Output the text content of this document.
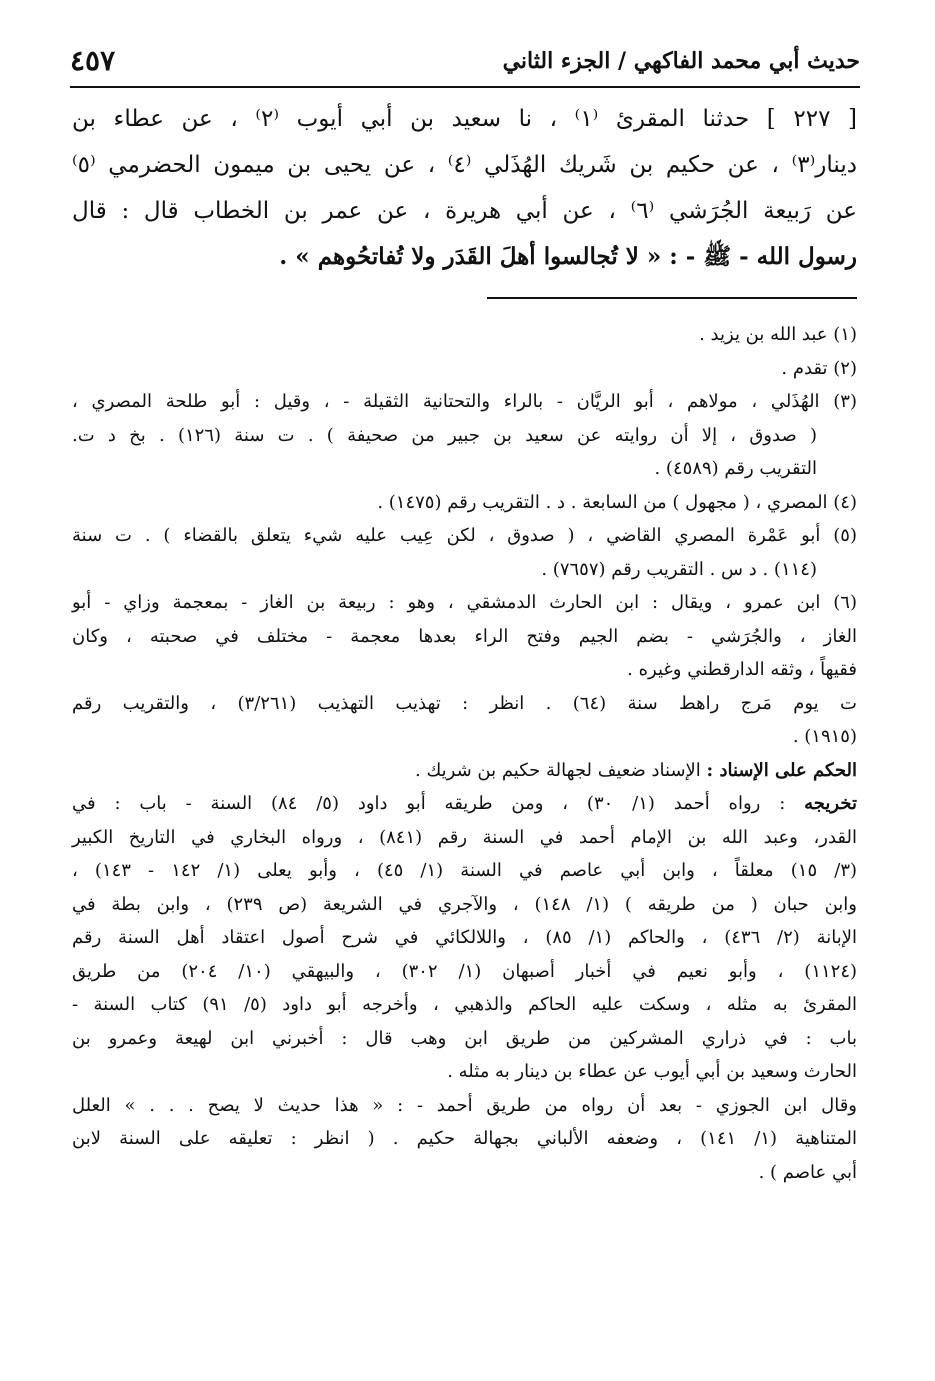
حديث أبي محمد الفاكهي / الجزء الثاني
٤٥٧
[ ٢٢٧ ] حدثنا المقرئ ⁽١⁾ ، نا سعيد بن أبي أيوب ⁽٢⁾ ، عن عطاء بن
دينار⁽٣⁾ ، عن حكيم بن شَريك الهُذَلي ⁽٤⁾ ، عن يحيى بن ميمون الحضرمي ⁽٥⁾
عن رَبيعة الجُرَشي ⁽٦⁾ ، عن أبي هريرة ، عن عمر بن الخطاب قال : قال
رسول الله - ﷺ - : « لا تُجالسوا أهلَ القَدَر ولا تُفاتحُوهم » .
(١) عبد الله بن يزيد .
(٢) تقدم .
(٣) الهُذَلي ، مولاهم ، أبو الريَّان - بالراء والتحتانية الثقيلة - ، وقيل : أبو طلحة المصري ،
( صدوق ، إلا أن روايته عن سعيد بن جبير من صحيفة ) . ت سنة (١٢٦) . بخ د ت.
التقريب رقم (٤٥٨٩) .
(٤) المصري ، ( مجهول ) من السابعة . د . التقريب رقم (١٤٧٥) .
(٥) أبو عَمْرة المصري القاضي ، ( صدوق ، لكن عِيب عليه شيء يتعلق بالقضاء ) . ت سنة
(١١٤) . د س . التقريب رقم (٧٦٥٧) .
(٦) ابن عمرو ، ويقال : ابن الحارث الدمشقي ، وهو : ربيعة بن الغاز - بمعجمة وزاي - أبو
الغاز ، والجُرَشي - بضم الجيم وفتح الراء بعدها معجمة - مختلف في صحبته ، وكان
فقيهاً ، وثقه الدارقطني وغيره .
ت يوم مَرج راهط سنة (٦٤) . انظر : تهذيب التهذيب (٣/٢٦١) ، والتقريب رقم
(١٩١٥) .
الحكم على الإسناد : الإسناد ضعيف لجهالة حكيم بن شريك .
تخريجه : رواه أحمد (١/ ٣٠) ، ومن طريقه أبو داود (٥/ ٨٤) السنة - باب : في
القدر، وعبد الله بن الإمام أحمد في السنة رقم (٨٤١) ، ورواه البخاري في التاريخ الكبير
(٣/ ١٥) معلقاً ، وابن أبي عاصم في السنة (١/ ٤٥) ، وأبو يعلى (١/ ١٤٢ - ١٤٣) ،
وابن حبان ( من طريقه ) (١/ ١٤٨) ، والآجري في الشريعة (ص ٢٣٩) ، وابن بطة في
الإبانة (٢/ ٤٣٦) ، والحاكم (١/ ٨٥) ، واللالكائي في شرح أصول اعتقاد أهل السنة رقم
(١١٢٤) ، وأبو نعيم في أخبار أصبهان (١/ ٣٠٢) ، والبيهقي (١٠/ ٢٠٤) من طريق
المقرئ به مثله ، وسكت عليه الحاكم والذهبي ، وأخرجه أبو داود (٥/ ٩١) كتاب السنة -
باب : في ذراري المشركين من طريق ابن وهب قال : أخبرني ابن لهيعة وعمرو بن
الحارث وسعيد بن أبي أيوب عن عطاء بن دينار به مثله .
وقال ابن الجوزي - بعد أن رواه من طريق أحمد - : « هذا حديث لا يصح . . . » العلل
المتناهية (١/ ١٤١) ، وضعفه الألباني بجهالة حكيم . ( انظر : تعليقه على السنة لابن
أبي عاصم ) .
